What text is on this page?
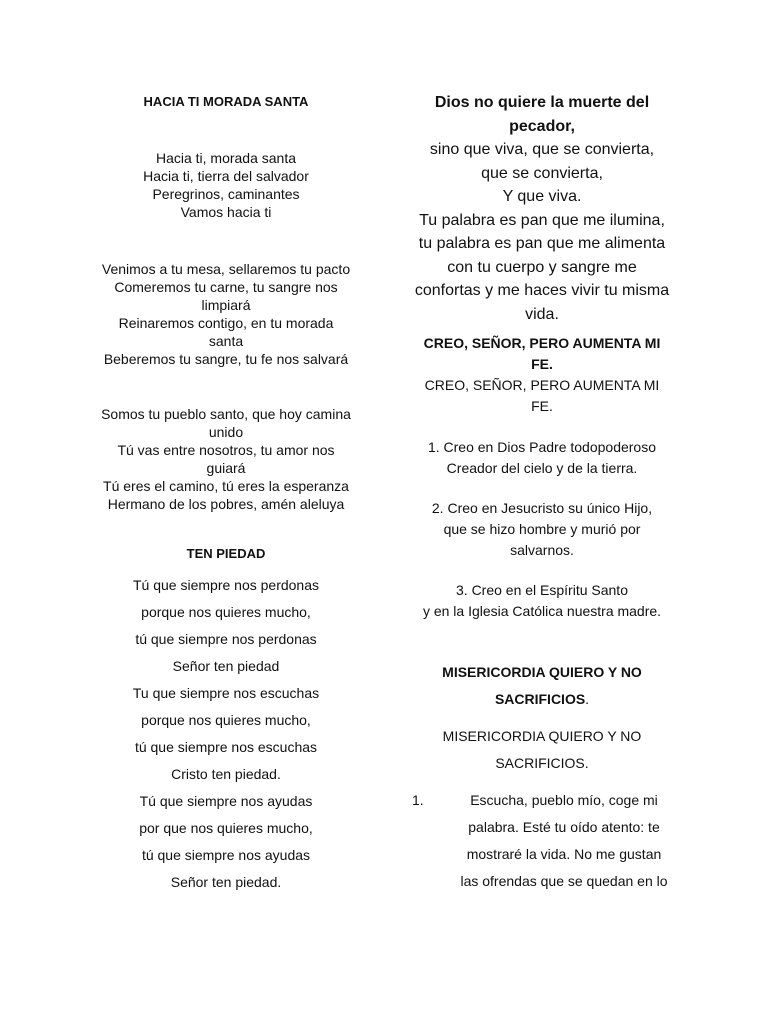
HACIA TI MORADA SANTA
Hacia ti, morada santa
Hacia ti, tierra del salvador
Peregrinos, caminantes
Vamos hacia ti
Venimos a tu mesa, sellaremos tu pacto
Comeremos tu carne, tu sangre nos
limpiará
Reinaremos contigo, en tu morada
santa
Beberemos tu sangre, tu fe nos salvará
Somos tu pueblo santo, que hoy camina
unido
Tú vas entre nosotros, tu amor nos
guiará
Tú eres el camino, tú eres la esperanza
Hermano de los pobres, amén aleluya
TEN PIEDAD
Tú que siempre nos perdonas
porque nos quieres mucho,
tú que siempre nos perdonas
Señor ten piedad
Tu que siempre nos escuchas
porque nos quieres mucho,
tú que siempre nos escuchas
Cristo ten piedad.
Tú que siempre nos ayudas
por que nos quieres mucho,
tú que siempre nos ayudas
Señor ten piedad.
Dios no quiere la muerte del
pecador,
sino que viva, que se convierta,
que se convierta,
Y que viva.
Tu palabra es pan que me ilumina,
tu palabra es pan que me alimenta
con tu cuerpo y sangre me
confortas y me haces vivir tu misma
vida.
CREO, SEÑOR, PERO AUMENTA MI
FE.
CREO, SEÑOR, PERO AUMENTA MI
FE.
1. Creo en Dios Padre todopoderoso
Creador del cielo y de la tierra.
2. Creo en Jesucristo su único Hijo,
que se hizo hombre y murió por
salvarnos.
3. Creo en el Espíritu Santo
y en la Iglesia Católica nuestra madre.
MISERICORDIA QUIERO Y NO
SACRIFICIOS.
MISERICORDIA QUIERO Y NO
SACRIFICIOS.
1.	Escucha, pueblo mío, coge mi
palabra. Esté tu oído atento: te
mostraré la vida. No me gustan
las ofrendas que se quedan en lo
